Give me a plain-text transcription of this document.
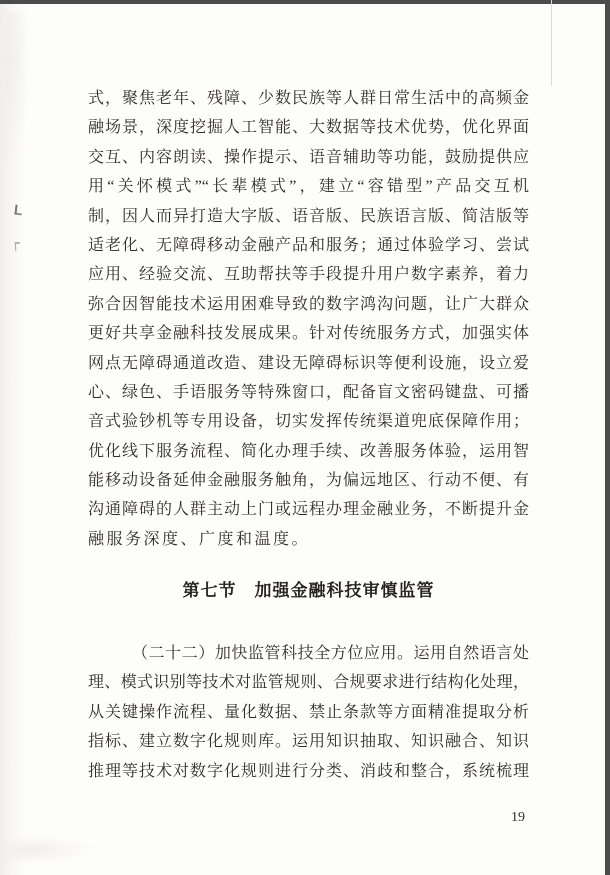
式，聚焦老年、残障、少数民族等人群日常生活中的高频金
融场景，深度挖掘人工智能、大数据等技术优势，优化界面
交互、内容朗读、操作提示、语音辅助等功能，鼓励提供应
用“关怀模式”“长辈模式”，建立“容错型”产品交互机
制，因人而异打造大字版、语音版、民族语言版、简洁版等
适老化、无障碍移动金融产品和服务；通过体验学习、尝试
应用、经验交流、互助帮扶等手段提升用户数字素养，着力
弥合因智能技术运用困难导致的数字鸿沟问题，让广大群众
更好共享金融科技发展成果。针对传统服务方式，加强实体
网点无障碍通道改造、建设无障碍标识等便利设施，设立爱
心、绿色、手语服务等特殊窗口，配备盲文密码键盘、可播
音式验钞机等专用设备，切实发挥传统渠道兜底保障作用；
优化线下服务流程、简化办理手续、改善服务体验，运用智
能移动设备延伸金融服务触角，为偏远地区、行动不便、有
沟通障碍的人群主动上门或远程办理金融业务，不断提升金
融服务深度、广度和温度。
第七节　加强金融科技审慎监管
（二十二）加快监管科技全方位应用。运用自然语言处
理、模式识别等技术对监管规则、合规要求进行结构化处理，
从关键操作流程、量化数据、禁止条款等方面精准提取分析
指标、建立数字化规则库。运用知识抽取、知识融合、知识
推理等技术对数字化规则进行分类、消歧和整合，系统梳理
19
